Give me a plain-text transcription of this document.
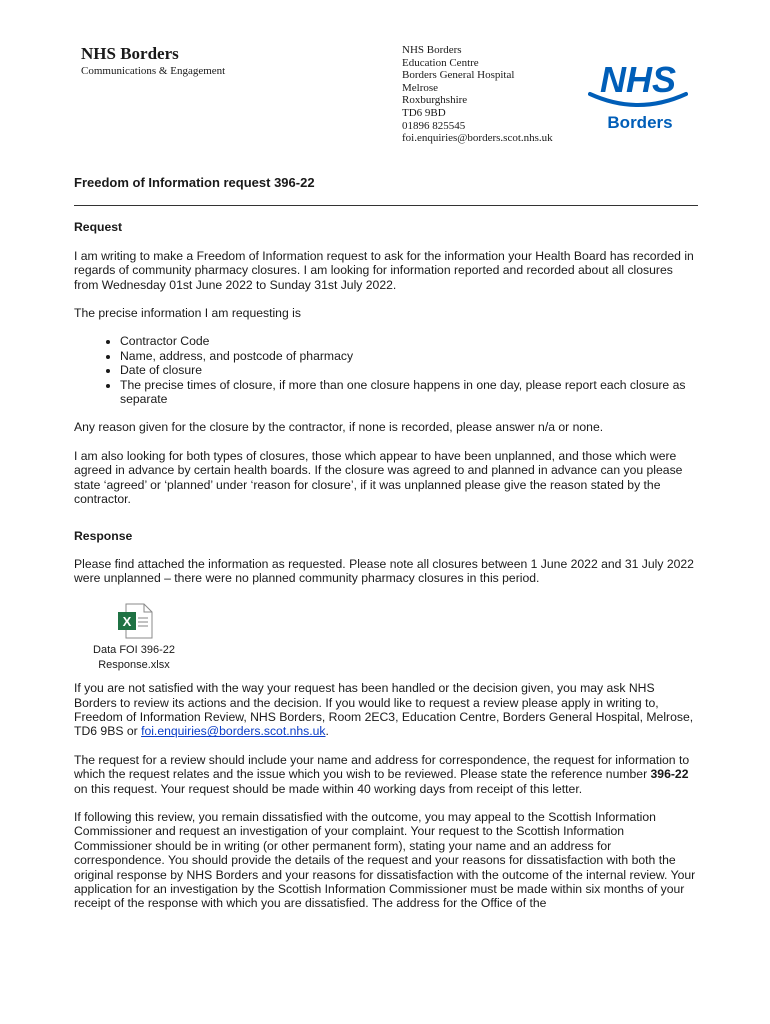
NHS Borders
Communications & Engagement
NHS Borders
Education Centre
Borders General Hospital
Melrose
Roxburghshire
TD6 9BD
01896 825545
foi.enquiries@borders.scot.nhs.uk
NHS
Borders
Freedom of Information request 396-22
Request

I am writing to make a Freedom of Information request to ask for the information your Health Board has recorded in regards of community pharmacy closures. I am looking for information reported and recorded about all closures from Wednesday 01st June 2022 to Sunday 31st July 2022.

The precise information I am requesting is

• Contractor Code
• Name, address, and postcode of pharmacy
• Date of closure
• The precise times of closure, if more than one closure happens in one day, please report each closure as separate

Any reason given for the closure by the contractor, if none is recorded, please answer n/a or none.

I am also looking for both types of closures, those which appear to have been unplanned, and those which were agreed in advance by certain health boards. If the closure was agreed to and planned in advance can you please state ‘agreed’ or ‘planned’ under ‘reason for closure’, if it was unplanned please give the reason stated by the contractor.

Response

Please find attached the information as requested. Please note all closures between 1 June 2022 and 31 July 2022 were unplanned – there were no planned community pharmacy closures in this period.

X
Data FOI 396-22
Response.xlsx

If you are not satisfied with the way your request has been handled or the decision given, you may ask NHS Borders to review its actions and the decision. If you would like to request a review please apply in writing to, Freedom of Information Review, NHS Borders, Room 2EC3, Education Centre, Borders General Hospital, Melrose, TD6 9BS or foi.enquiries@borders.scot.nhs.uk.

The request for a review should include your name and address for correspondence, the request for information to which the request relates and the issue which you wish to be reviewed. Please state the reference number 396-22 on this request. Your request should be made within 40 working days from receipt of this letter.

If following this review, you remain dissatisfied with the outcome, you may appeal to the Scottish Information Commissioner and request an investigation of your complaint. Your request to the Scottish Information Commissioner should be in writing (or other permanent form), stating your name and an address for correspondence. You should provide the details of the request and your reasons for dissatisfaction with both the original response by NHS Borders and your reasons for dissatisfaction with the outcome of the internal review. Your application for an investigation by the Scottish Information Commissioner must be made within six months of your receipt of the response with which you are dissatisfied. The address for the Office of the
